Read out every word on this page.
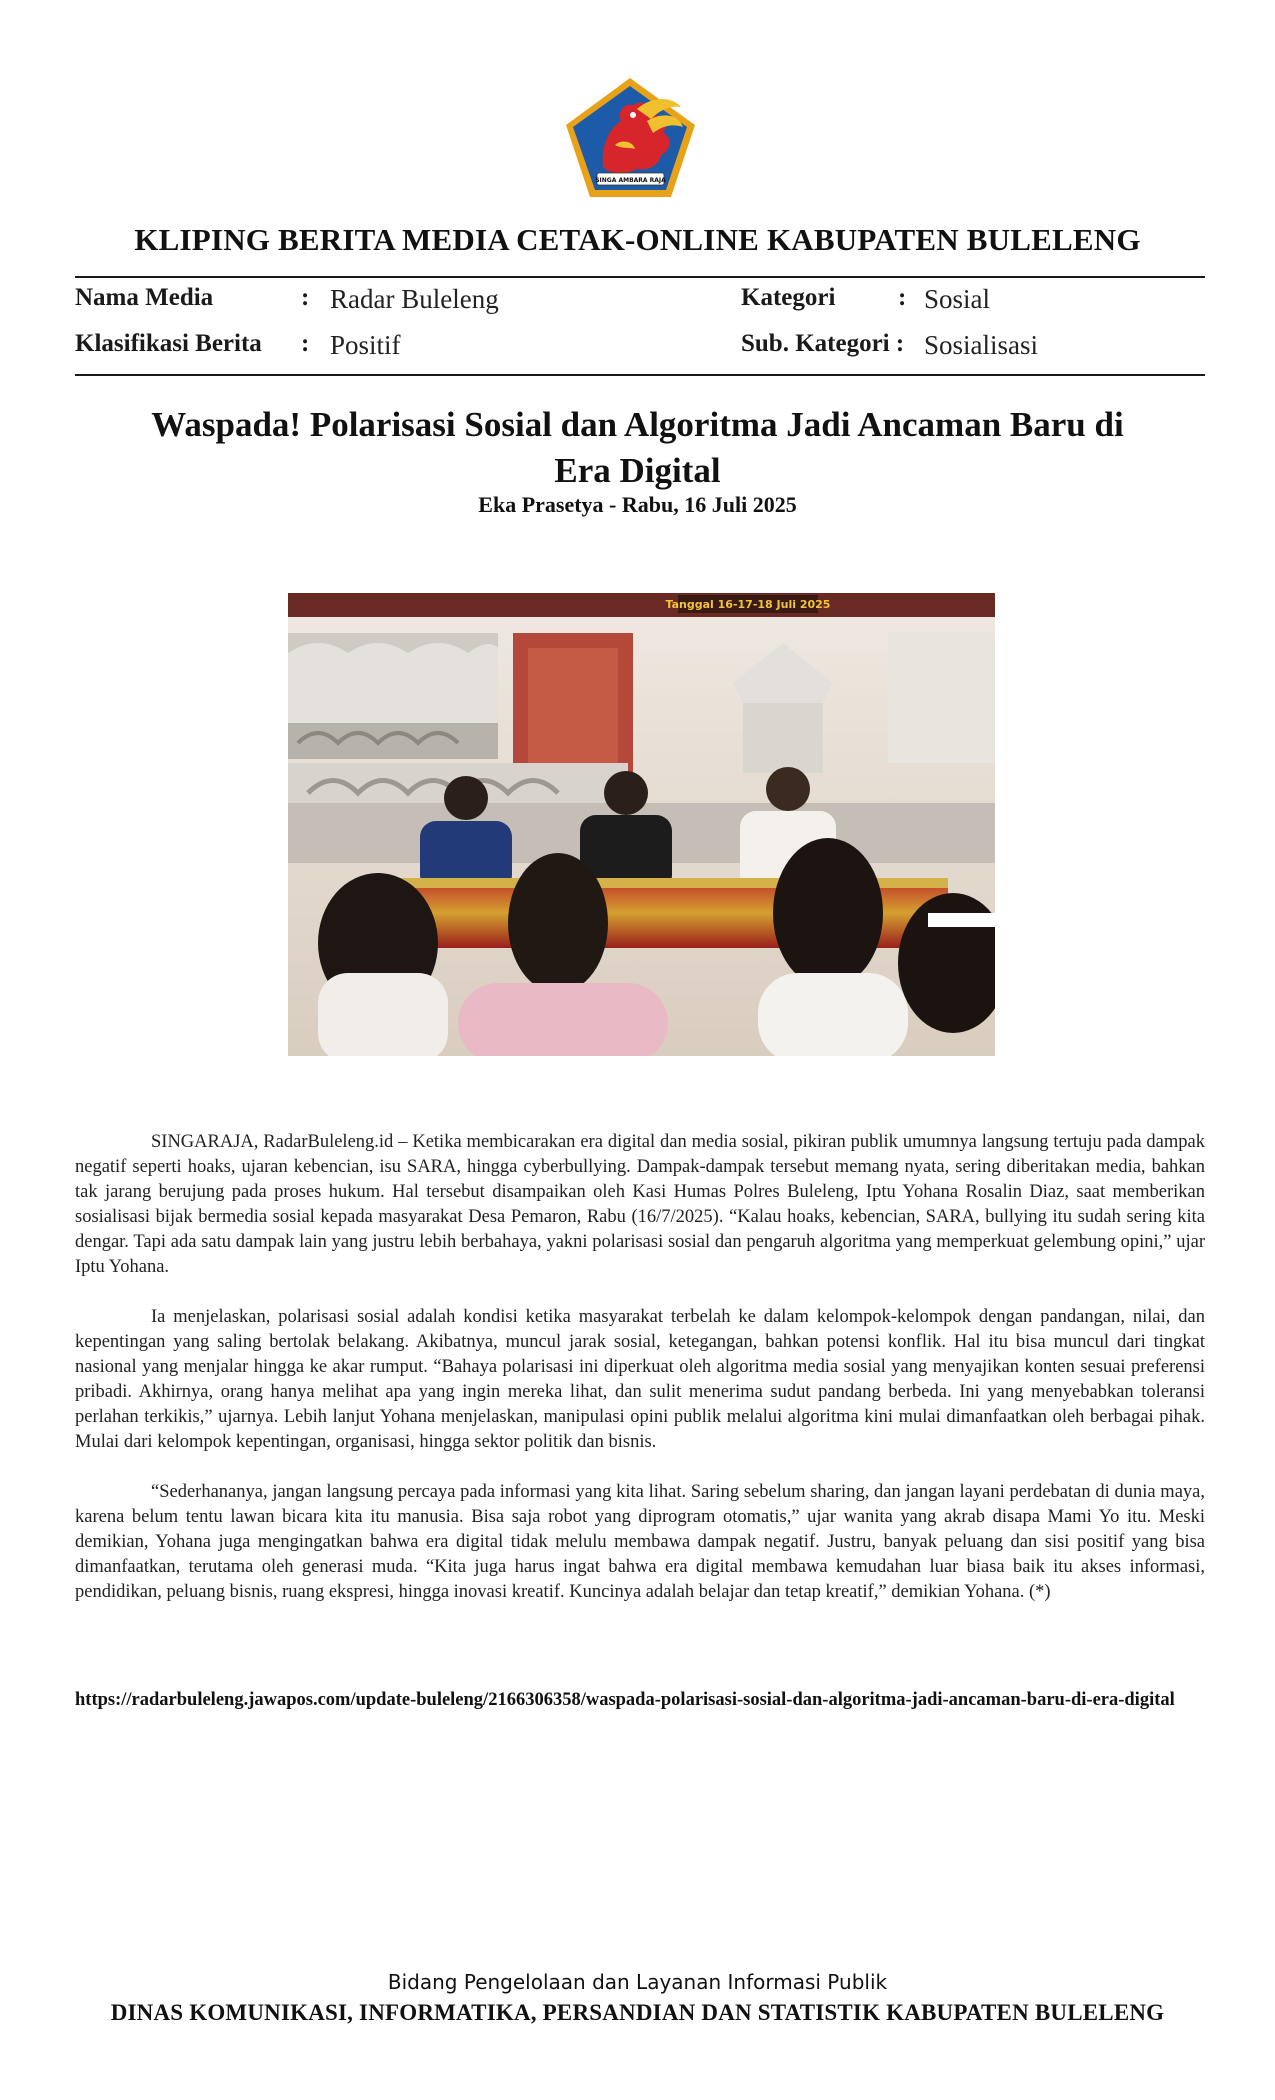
SINGA AMBARA RAJA
KLIPING BERITA MEDIA CETAK-ONLINE KABUPATEN BULELENG
Nama Media	: Radar Buleleng	Kategori	: Sosial
Klasifikasi Berita : Positif	Sub. Kategori : Sosialisasi
Waspada! Polarisasi Sosial dan Algoritma Jadi Ancaman Baru di Era Digital
Eka Prasetya - Rabu, 16 Juli 2025
Tanggal 16-17-18 Juli 2025

SINGARAJA, RadarBuleleng.id – Ketika membicarakan era digital dan media sosial, pikiran publik umumnya langsung tertuju pada dampak negatif seperti hoaks, ujaran kebencian, isu SARA, hingga cyberbullying. Dampak-dampak tersebut memang nyata, sering diberitakan media, bahkan tak jarang berujung pada proses hukum. Hal tersebut disampaikan oleh Kasi Humas Polres Buleleng, Iptu Yohana Rosalin Diaz, saat memberikan sosialisasi bijak bermedia sosial kepada masyarakat Desa Pemaron, Rabu (16/7/2025). “Kalau hoaks, kebencian, SARA, bullying itu sudah sering kita dengar. Tapi ada satu dampak lain yang justru lebih berbahaya, yakni polarisasi sosial dan pengaruh algoritma yang memperkuat gelembung opini,” ujar Iptu Yohana.

Ia menjelaskan, polarisasi sosial adalah kondisi ketika masyarakat terbelah ke dalam kelompok-kelompok dengan pandangan, nilai, dan kepentingan yang saling bertolak belakang. Akibatnya, muncul jarak sosial, ketegangan, bahkan potensi konflik. Hal itu bisa muncul dari tingkat nasional yang menjalar hingga ke akar rumput. “Bahaya polarisasi ini diperkuat oleh algoritma media sosial yang menyajikan konten sesuai preferensi pribadi. Akhirnya, orang hanya melihat apa yang ingin mereka lihat, dan sulit menerima sudut pandang berbeda. Ini yang menyebabkan toleransi perlahan terkikis,” ujarnya. Lebih lanjut Yohana menjelaskan, manipulasi opini publik melalui algoritma kini mulai dimanfaatkan oleh berbagai pihak. Mulai dari kelompok kepentingan, organisasi, hingga sektor politik dan bisnis.

“Sederhananya, jangan langsung percaya pada informasi yang kita lihat. Saring sebelum sharing, dan jangan layani perdebatan di dunia maya, karena belum tentu lawan bicara kita itu manusia. Bisa saja robot yang diprogram otomatis,” ujar wanita yang akrab disapa Mami Yo itu. Meski demikian, Yohana juga mengingatkan bahwa era digital tidak melulu membawa dampak negatif. Justru, banyak peluang dan sisi positif yang bisa dimanfaatkan, terutama oleh generasi muda. “Kita juga harus ingat bahwa era digital membawa kemudahan luar biasa baik itu akses informasi, pendidikan, peluang bisnis, ruang ekspresi, hingga inovasi kreatif. Kuncinya adalah belajar dan tetap kreatif,” demikian Yohana. (*)

https://radarbuleleng.jawapos.com/update-buleleng/2166306358/waspada-polarisasi-sosial-dan-algoritma-jadi-ancaman-baru-di-era-digital
Bidang Pengelolaan dan Layanan Informasi Publik
DINAS KOMUNIKASI, INFORMATIKA, PERSANDIAN DAN STATISTIK KABUPATEN BULELENG
